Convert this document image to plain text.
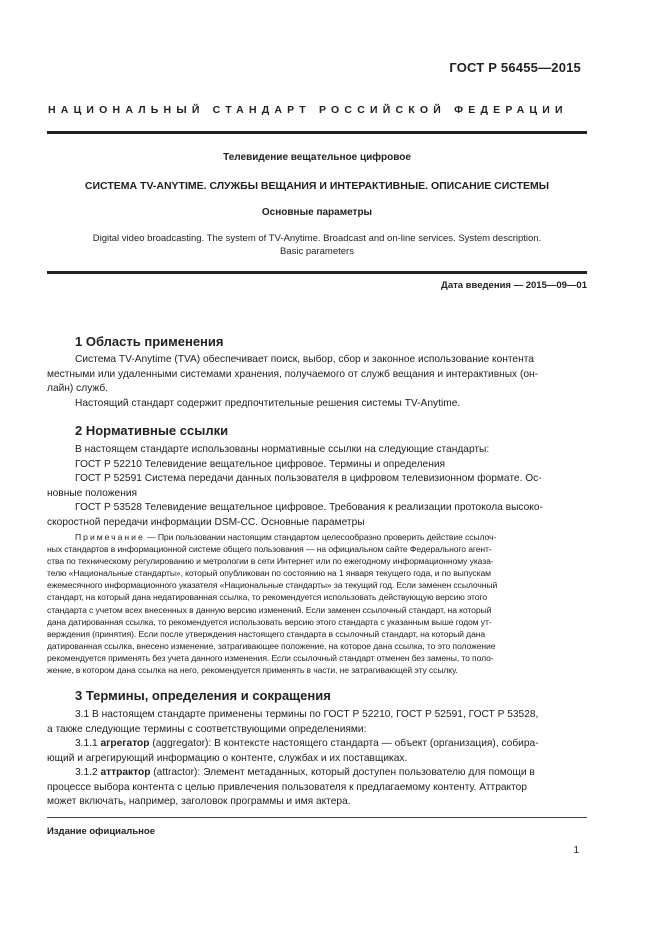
ГОСТ Р 56455—2015
НАЦИОНАЛЬНЫЙ СТАНДАРТ РОССИЙСКОЙ ФЕДЕРАЦИИ
Телевидение вещательное цифровое
СИСТЕМА TV-ANYTIME. СЛУЖБЫ ВЕЩАНИЯ И ИНТЕРАКТИВНЫЕ. ОПИСАНИЕ СИСТЕМЫ
Основные параметры
Digital video broadcasting. The system of TV-Anytime. Broadcast and on-line services. System description.
Basic parameters
Дата введения — 2015—09—01
1 Область применения
Система TV-Anytime (TVA) обеспечивает поиск, выбор, сбор и законное использование контента
местными или удаленными системами хранения, получаемого от служб вещания и интерактивных (он-
лайн) служб.
Настоящий стандарт содержит предпочтительные решения системы TV-Anytime.
2 Нормативные ссылки
В настоящем стандарте использованы нормативные ссылки на следующие стандарты:
ГОСТ Р 52210 Телевидение вещательное цифровое. Термины и определения
ГОСТ Р 52591 Система передачи данных пользователя в цифровом телевизионном формате. Ос-
новные положения
ГОСТ Р 53528 Телевидение вещательное цифровое. Требования к реализации протокола высоко-
скоростной передачи информации DSM-CC. Основные параметры
Примечание — При пользовании настоящим стандартом целесообразно проверить действие ссылоч-
ных стандартов в информационной системе общего пользования — на официальном сайте Федерального агент-
ства по техническому регулированию и метрологии в сети Интернет или по ежегодному информационному указа-
телю «Национальные стандарты», который опубликован по состоянию на 1 января текущего года, и по выпускам
ежемесячного информационного указателя «Национальные стандарты» за текущий год. Если заменен ссылочный
стандарт, на который дана недатированная ссылка, то рекомендуется использовать действующую версию этого
стандарта с учетом всех внесенных в данную версию изменений. Если заменен ссылочный стандарт, на который
дана датированная ссылка, то рекомендуется использовать версию этого стандарта с указанным выше годом ут-
верждения (принятия). Если после утверждения настоящего стандарта в ссылочный стандарт, на который дана
датированная ссылка, внесено изменение, затрагивающее положение, на которое дана ссылка, то это положение
рекомендуется применять без учета данного изменения. Если ссылочный стандарт отменен без замены, то поло-
жение, в котором дана ссылка на него, рекомендуется применять в части, не затрагивающей эту ссылку.
3 Термины, определения и сокращения
3.1 В настоящем стандарте применены термины по ГОСТ Р 52210, ГОСТ Р 52591, ГОСТ Р 53528,
а также следующие термины с соответствующими определениями:
3.1.1 агрегатор (aggregator): В контексте настоящего стандарта — объект (организация), собира-
ющий и агрегирующий информацию о контенте, службах и их поставщиках.
3.1.2 аттрактор (attractor): Элемент метаданных, который доступен пользователю для помощи в
процессе выбора контента с целью привлечения пользователя к предлагаемому контенту. Аттрактор
может включать, например, заголовок программы и имя актера.
Издание официальное
1
